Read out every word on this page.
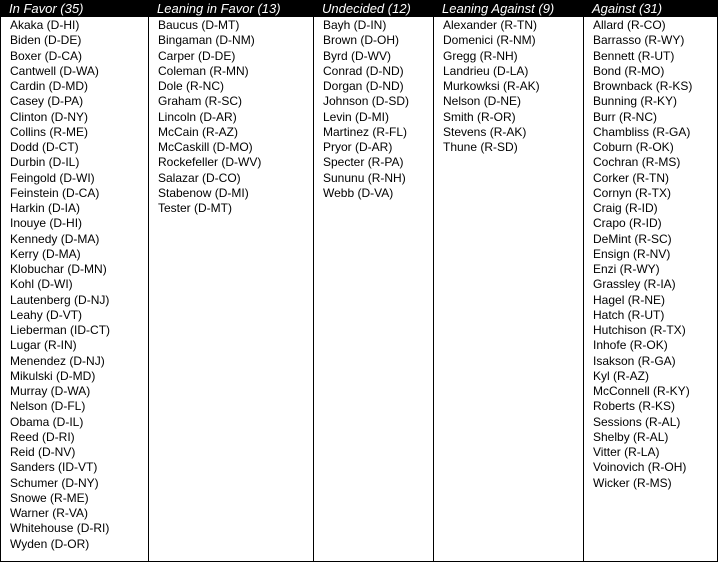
In Favor (35)
Akaka (D-HI)
Biden (D-DE)
Boxer (D-CA)
Cantwell (D-WA)
Cardin (D-MD)
Casey (D-PA)
Clinton (D-NY)
Collins (R-ME)
Dodd (D-CT)
Durbin (D-IL)
Feingold (D-WI)
Feinstein (D-CA)
Harkin (D-IA)
Inouye (D-HI)
Kennedy (D-MA)
Kerry (D-MA)
Klobuchar (D-MN)
Kohl (D-WI)
Lautenberg (D-NJ)
Leahy (D-VT)
Lieberman (ID-CT)
Lugar (R-IN)
Menendez (D-NJ)
Mikulski (D-MD)
Murray (D-WA)
Nelson (D-FL)
Obama (D-IL)
Reed (D-RI)
Reid (D-NV)
Sanders (ID-VT)
Schumer (D-NY)
Snowe (R-ME)
Warner (R-VA)
Whitehouse (D-RI)
Wyden (D-OR)
Leaning in Favor (13)
Baucus (D-MT)
Bingaman (D-NM)
Carper (D-DE)
Coleman (R-MN)
Dole (R-NC)
Graham (R-SC)
Lincoln (D-AR)
McCain (R-AZ)
McCaskill (D-MO)
Rockefeller (D-WV)
Salazar (D-CO)
Stabenow (D-MI)
Tester (D-MT)
Undecided (12)
Bayh (D-IN)
Brown (D-OH)
Byrd (D-WV)
Conrad (D-ND)
Dorgan (D-ND)
Johnson (D-SD)
Levin (D-MI)
Martinez (R-FL)
Pryor (D-AR)
Specter (R-PA)
Sununu (R-NH)
Webb (D-VA)
Leaning Against (9)
Alexander (R-TN)
Domenici (R-NM)
Gregg (R-NH)
Landrieu (D-LA)
Murkowksi (R-AK)
Nelson (D-NE)
Smith (R-OR)
Stevens (R-AK)
Thune (R-SD)
Against (31)
Allard (R-CO)
Barrasso (R-WY)
Bennett (R-UT)
Bond (R-MO)
Brownback (R-KS)
Bunning (R-KY)
Burr (R-NC)
Chambliss (R-GA)
Coburn (R-OK)
Cochran (R-MS)
Corker (R-TN)
Cornyn (R-TX)
Craig (R-ID)
Crapo (R-ID)
DeMint (R-SC)
Ensign (R-NV)
Enzi (R-WY)
Grassley (R-IA)
Hagel (R-NE)
Hatch (R-UT)
Hutchison (R-TX)
Inhofe (R-OK)
Isakson (R-GA)
Kyl (R-AZ)
McConnell (R-KY)
Roberts (R-KS)
Sessions (R-AL)
Shelby (R-AL)
Vitter (R-LA)
Voinovich (R-OH)
Wicker (R-MS)
